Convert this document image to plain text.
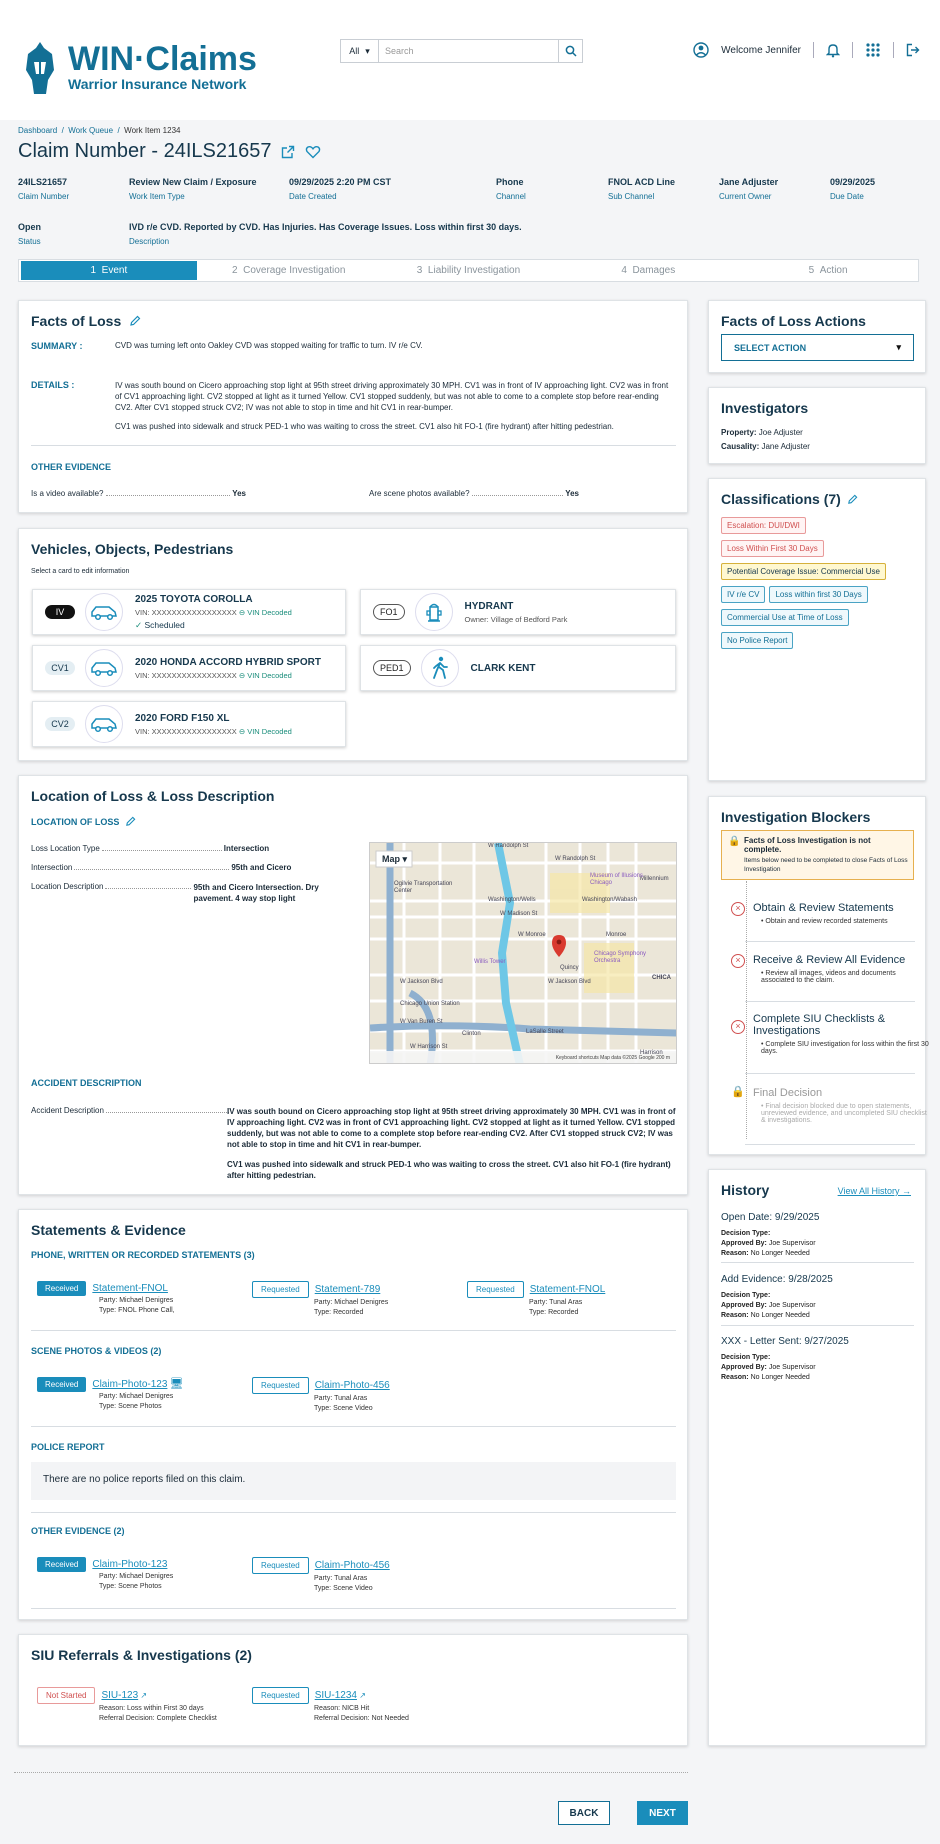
WIN·Claims
Warrior Insurance Network
All ▾	Search	Welcome Jennifer
Dashboard  /  Work Queue  /  Work Item 1234
Claim Number - 24ILS21657
24ILS21657
Claim Number
Review New Claim / Exposure
Work Item Type
09/29/2025 2:20 PM CST
Date Created
Phone
Channel
FNOL ACD Line
Sub Channel
Jane Adjuster
Current Owner
09/29/2025
Due Date
Open
Status
IVD r/e CVD. Reported by CVD. Has Injuries. Has Coverage Issues. Loss within first 30 days.
Description
1 Event	2 Coverage Investigation	3 Liability Investigation	4 Damages	5 Action
Facts of Loss
SUMMARY :	CVD was turning left onto Oakley CVD was stopped waiting for traffic to turn. IV r/e CV.
DETAILS :	IV was south bound on Cicero approaching stop light at 95th street driving approximately 30 MPH. CV1 was in front of IV approaching light. CV2 was in front of CV1 approaching light. CV2 stopped at light as it turned Yellow. CV1 stopped suddenly, but was not able to come to a complete stop before rear-ending CV2. After CV1 stopped struck CV2; IV was not able to stop in time and hit CV1 in rear-bumper.
CV1 was pushed into sidewalk and struck PED-1 who was waiting to cross the street. CV1 also hit FO-1 (fire hydrant) after hitting pedestrian.
OTHER EVIDENCE
Is a video available?	Yes	Are scene photos available?	Yes
Vehicles, Objects, Pedestrians
Select a card to edit information
IV
2025 TOYOTA COROLLA
VIN: XXXXXXXXXXXXXXXXX ⊖ VIN Decoded
✓ Scheduled
FO1
HYDRANT
Owner: Village of Bedford Park
CV1
2020 HONDA ACCORD HYBRID SPORT
VIN: XXXXXXXXXXXXXXXXX ⊖ VIN Decoded
PED1	CLARK KENT
CV2
2020 FORD F150 XL
VIN: XXXXXXXXXXXXXXXXX ⊖ VIN Decoded
Location of Loss & Loss Description
LOCATION OF LOSS
Loss Location Type	Intersection
Intersection	95th and Cicero
Location Description	95th and Cicero Intersection. Dry pavement. 4 way stop light
Map ▾
W Randolph St
W Randolph St
Millennium
Ogilvie Transportation Center
Museum of Illusions Chicago
Washington/Wells	Washington/Wabash
W Madison St
W Monroe	Monroe
Willis Tower
Chicago Symphony Orchestra
Quincy
W Jackson Blvd	W Jackson Blvd
Chicago Union Station
W Van Buren St
LaSalle Street
W Harrison St
Harrison
CHICA
Clinton
Keyboard shortcuts Map data ©2025 Google 200 m
ACCIDENT DESCRIPTION
Accident Description	IV was south bound on Cicero approaching stop light at 95th street driving approximately 30 MPH. CV1 was in front of IV approaching light. CV2 was in front of CV1 approaching light. CV2 stopped at light as it turned Yellow. CV1 stopped suddenly, but was not able to come to a complete stop before rear-ending CV2. After CV1 stopped struck CV2; IV was not able to stop in time and hit CV1 in rear-bumper.
CV1 was pushed into sidewalk and struck PED-1 who was waiting to cross the street. CV1 also hit FO-1 (fire hydrant) after hitting pedestrian.
Statements & Evidence
PHONE, WRITTEN OR RECORDED STATEMENTS (3)
Received Statement-FNOL
Party: Michael Denigres
Type: FNOL Phone Call,
Requested Statement-789
Party: Michael Denigres
Type: Recorded
Requested Statement-FNOL
Party: Tunal Aras
Type: Recorded
SCENE PHOTOS & VIDEOS (2)
Received Claim-Photo-123 🖥
Party: Michael Denigres
Type: Scene Photos
Requested Claim-Photo-456
Party: Tunal Aras
Type: Scene Video
POLICE REPORT
There are no police reports filed on this claim.
OTHER EVIDENCE (2)
Received Claim-Photo-123
Party: Michael Denigres
Type: Scene Photos
Requested Claim-Photo-456
Party: Tunal Aras
Type: Scene Video
SIU Referrals & Investigations (2)
Not Started SIU-123 ↗
Reason: Loss within First 30 days
Referral Decision: Complete Checklist
Requested SIU-1234 ↗
Reason: NICB Hit
Referral Decision: Not Needed
Facts of Loss Actions
SELECT ACTION	▾
Investigators
Property: Joe Adjuster
Causality: Jane Adjuster
Classifications (7)
Escalation: DUI/DWI
Loss Within First 30 Days
Potential Coverage Issue: Commercial Use
IV r/e CV Loss within first 30 Days
Commercial Use at Time of Loss
No Police Report
Investigation Blockers
🔒 Facts of Loss Investigation is not complete.
Items below need to be completed to close Facts of Loss Investigation
×	Obtain & Review Statements
• Obtain and review recorded statements
×	Receive & Review All Evidence
• Review all images, videos and documents associated to the claim.
×
Complete SIU Checklists & Investigations
• Complete SIU investigation for loss within the first 30 days.
🔒 Final Decision
• Final decision blocked due to open statements, unreviewed evidence, and uncompleted SIU checklist & investigations.
History	View All History →
Open Date: 9/29/2025
Decision Type:
Approved By: Joe Supervisor
Reason: No Longer Needed
Add Evidence: 9/28/2025
Decision Type:
Approved By: Joe Supervisor
Reason: No Longer Needed
XXX - Letter Sent: 9/27/2025
Decision Type:
Approved By: Joe Supervisor
Reason: No Longer Needed
BACK	NEXT
